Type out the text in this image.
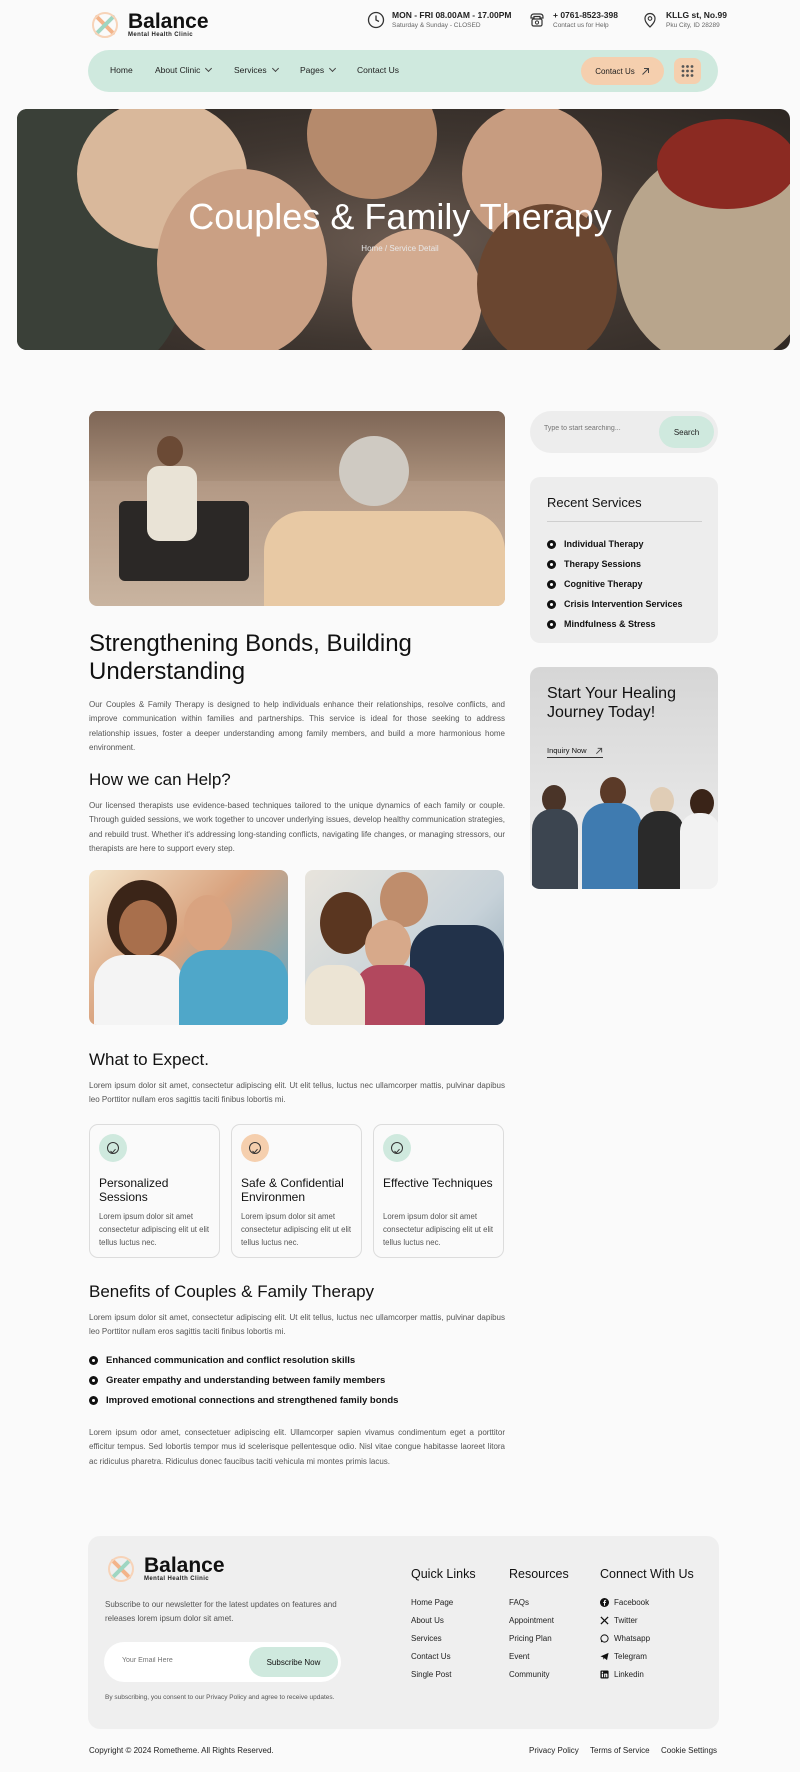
Balance
Mental Health Clinic
MON - FRI 08.00AM - 17.00PM
Saturday & Sunday - CLOSED
+ 0761-8523-398
Contact us for Help
KLLG st, No.99
Pku City, ID 28289
Home	About Clinic	Services	Pages	Contact Us	Contact Us
Couples & Family Therapy
Home / Service Detail
Strengthening Bonds, Building Understanding

Our Couples & Family Therapy is designed to help individuals enhance their relationships, resolve conflicts, and improve communication within families and partnerships. This service is ideal for those seeking to address relationship issues, foster a deeper understanding among family members, and build a more harmonious home environment.

How we can Help?

Our licensed therapists use evidence-based techniques tailored to the unique dynamics of each family or couple. Through guided sessions, we work together to uncover underlying issues, develop healthy communication strategies, and rebuild trust. Whether it's addressing long-standing conflicts, navigating life changes, or managing stressors, our therapists are here to support every step.

What to Expect.

Lorem ipsum dolor sit amet, consectetur adipiscing elit. Ut elit tellus, luctus nec ullamcorper mattis, pulvinar dapibus leo Porttitor nullam eros sagittis taciti finibus lobortis mi.

Personalized Sessions
Lorem ipsum dolor sit amet consectetur adipiscing elit ut elit tellus luctus nec.
Safe & Confidential Environmen
Lorem ipsum dolor sit amet consectetur adipiscing elit ut elit tellus luctus nec.
Effective Techniques
Lorem ipsum dolor sit amet consectetur adipiscing elit ut elit tellus luctus nec.
Benefits of Couples & Family Therapy

Lorem ipsum dolor sit amet, consectetur adipiscing elit. Ut elit tellus, luctus nec ullamcorper mattis, pulvinar dapibus leo Porttitor nullam eros sagittis taciti finibus lobortis mi.

Enhanced communication and conflict resolution skills
Greater empathy and understanding between family members
Improved emotional connections and strengthened family bonds

Lorem ipsum odor amet, consectetuer adipiscing elit. Ullamcorper sapien vivamus condimentum eget a porttitor efficitur tempus. Sed lobortis tempor mus id scelerisque pellentesque odio. Nisl vitae congue habitasse laoreet litora ac ridiculus pharetra. Ridiculus donec faucibus taciti vehicula mi montes primis lacus.

Type to start searching...
Search
Recent Services
Individual Therapy
Therapy Sessions
Cognitive Therapy
Crisis Intervention Services
Mindfulness & Stress
Start Your Healing Journey Today!
Inquiry Now
Balance
Mental Health Clinic

Subscribe to our newsletter for the latest updates on features and releases lorem ipsum dolor sit amet.

Your Email Here
Subscribe Now

By subscribing, you consent to our Privacy Policy and agree to receive updates.

Quick Links
Home Page
About Us
Services
Contact Us
Single Post
Resources
FAQs
Appointment
Pricing Plan
Event
Community
Connect With Us
Facebook
Twitter
Whatsapp
Telegram
Linkedin
Copyright © 2024 Rometheme. All Rights Reserved.	Privacy Policy Terms of Service Cookie Settings
